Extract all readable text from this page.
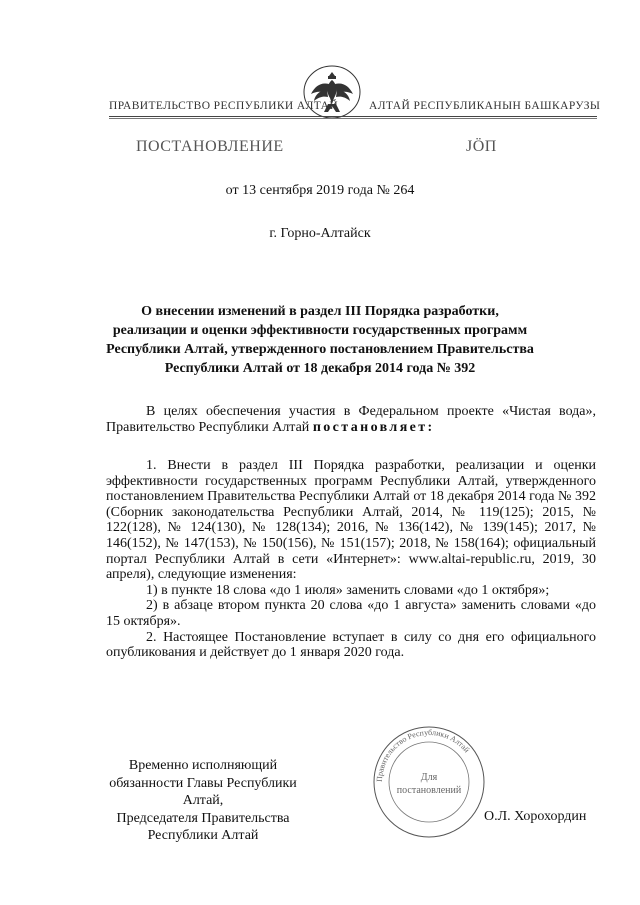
ПРАВИТЕЛЬСТВО РЕСПУБЛИКИ АЛТАЙ	АЛТАЙ РЕСПУБЛИКАНЫН БАШКАРУЗЫ
ПОСТАНОВЛЕНИЕ	ЈӦП
от 13 сентября 2019 года № 264
г. Горно-Алтайск
О внесении изменений в раздел III Порядка разработки,
реализации и оценки эффективности государственных программ
Республики Алтай, утвержденного постановлением Правительства
Республики Алтай от 18 декабря 2014 года № 392

В целях обеспечения участия в Федеральном проекте «Чистая вода», Правительство Республики Алтай постановляет:

1. Внести в раздел III Порядка разработки, реализации и оценки эффективности государственных программ Республики Алтай, утвержденного постановлением Правительства Республики Алтай от 18 декабря 2014 года № 392 (Сборник законодательства Республики Алтай, 2014, № 119(125); 2015, № 122(128), № 124(130), № 128(134); 2016, № 136(142), № 139(145); 2017, № 146(152), № 147(153), № 150(156), № 151(157); 2018, № 158(164); официальный портал Республики Алтай в сети «Интернет»: www.altai-republic.ru, 2019, 30 апреля), следующие изменения:

1) в пункте 18 слова «до 1 июля» заменить словами «до 1 октября»;

2) в абзаце втором пункта 20 слова «до 1 августа» заменить словами «до 15 октября».

2. Настоящее Постановление вступает в силу со дня его официального опубликования и действует до 1 января 2020 года.

Временно исполняющий
обязанности Главы Республики Алтай,
Председателя Правительства
Республики Алтай
Правительство Республики Алтай
Для
постановлений
О.Л. Хорохордин
